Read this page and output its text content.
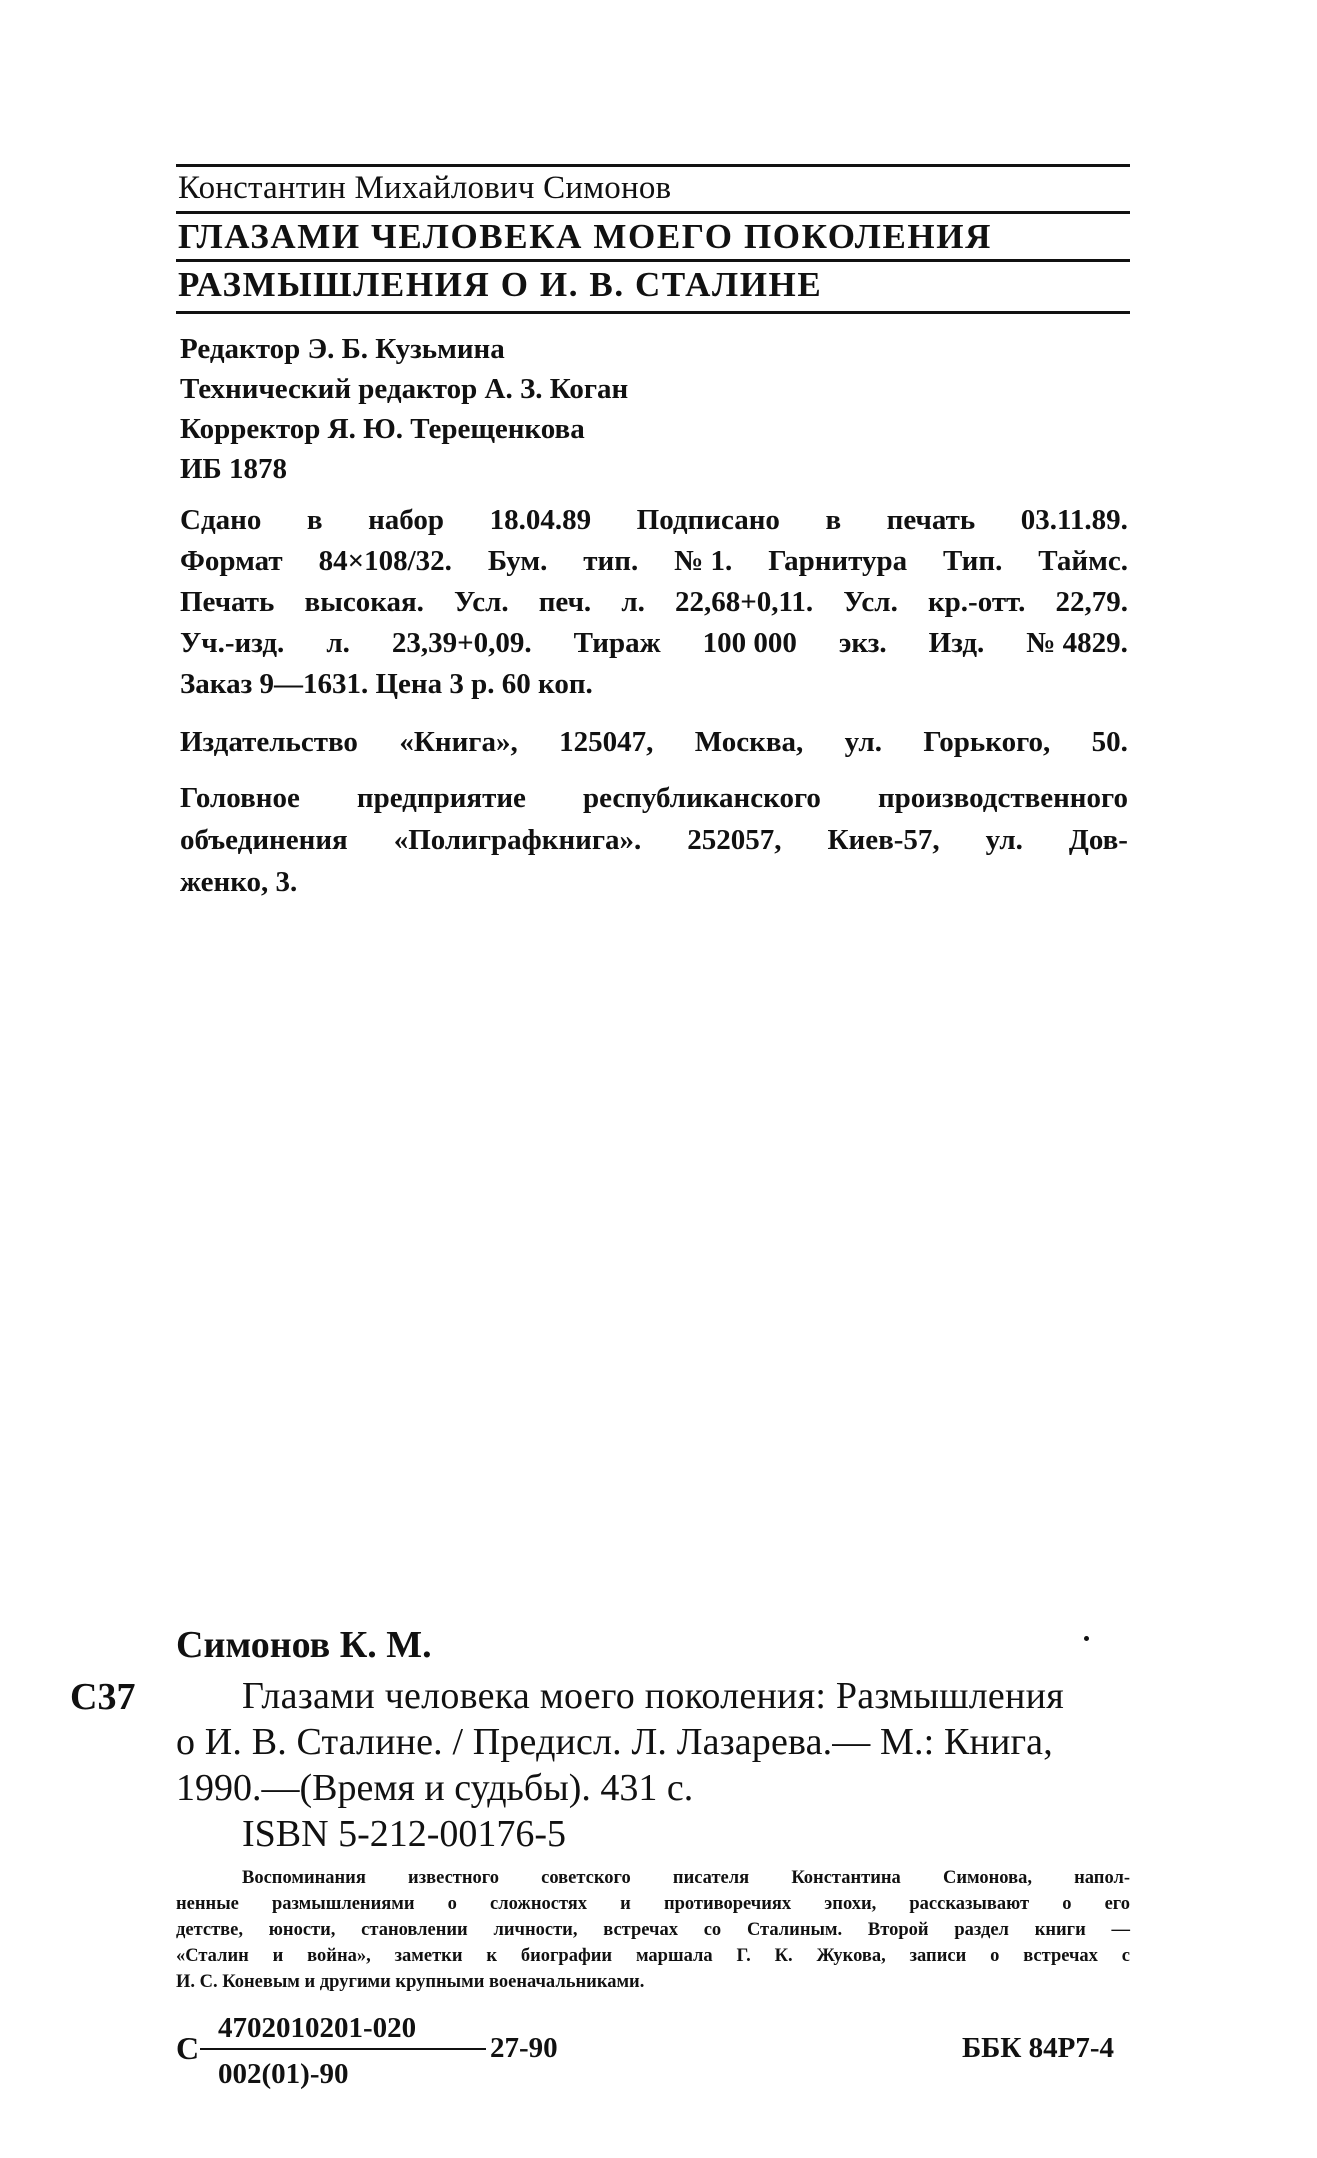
Константин Михайлович Симонов
ГЛАЗАМИ ЧЕЛОВЕКА МОЕГО ПОКОЛЕНИЯ
РАЗМЫШЛЕНИЯ О И. В. СТАЛИНЕ
Редактор Э. Б. Кузьмина
Технический редактор А. З. Коган
Корректор Я. Ю. Терещенкова
ИБ 1878
Сдано в набор 18.04.89 Подписано в печать 03.11.89.
Формат 84×108/32. Бум. тип. № 1. Гарнитура Тип. Таймс.
Печать высокая. Усл. печ. л. 22,68+0,11. Усл. кр.-отт. 22,79.
Уч.-изд. л. 23,39+0,09. Тираж 100 000 экз. Изд. № 4829.
Заказ 9—1631. Цена 3 р. 60 коп.
Издательство «Книга», 125047, Москва, ул. Горького, 50.
Головное предприятие республиканского производственного
объединения «Полиграфкнига». 252057, Киев-57, ул. Дов-
женко, 3.
Симонов К. М.
С37	Глазами человека моего поколения: Размышления
о И. В. Сталине. / Предисл. Л. Лазарева.— М.: Книга,
1990.—(Время и судьбы). 431 с.
ISBN 5-212-00176-5
Воспоминания известного советского писателя Константина Симонова, напол-
ненные размышлениями о сложностях и противоречиях эпохи, рассказывают о его
детстве, юности, становлении личности, встречах со Сталиным. Второй раздел книги —
«Сталин и война», заметки к биографии маршала Г. К. Жукова, записи о встречах с
И. С. Коневым и другими крупными военачальниками.
С
4702010201-020
27-90
002(01)-90
ББК 84Р7-4
